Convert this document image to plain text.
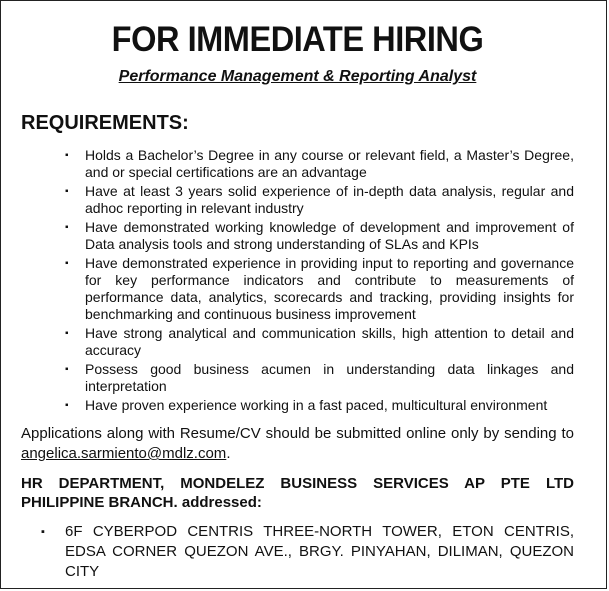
FOR IMMEDIATE HIRING
Performance Management & Reporting Analyst
REQUIREMENTS:
▪ Holds a Bachelor’s Degree in any course or relevant field, a Master’s Degree, and or special certifications are an advantage
▪ Have at least 3 years solid experience of in-depth data analysis, regular and adhoc reporting in relevant industry
▪ Have demonstrated working knowledge of development and improvement of Data analysis tools and strong understanding of SLAs and KPIs
▪ Have demonstrated experience in providing input to reporting and governance for key performance indicators and contribute to measurements of performance data, analytics, scorecards and tracking, providing insights for benchmarking and continuous business improvement
▪ Have strong analytical and communication skills, high attention to detail and accuracy
▪ Possess good business acumen in understanding data linkages and interpretation
▪ Have proven experience working in a fast paced, multicultural environment
Applications along with Resume/CV should be submitted online only by sending to angelica.sarmiento@mdlz.com.
HR DEPARTMENT, MONDELEZ BUSINESS SERVICES AP PTE LTD PHILIPPINE BRANCH. addressed:
▪ 6F CYBERPOD CENTRIS THREE-NORTH TOWER, ETON CENTRIS, EDSA CORNER QUEZON AVE., BRGY. PINYAHAN, DILIMAN, QUEZON CITY
